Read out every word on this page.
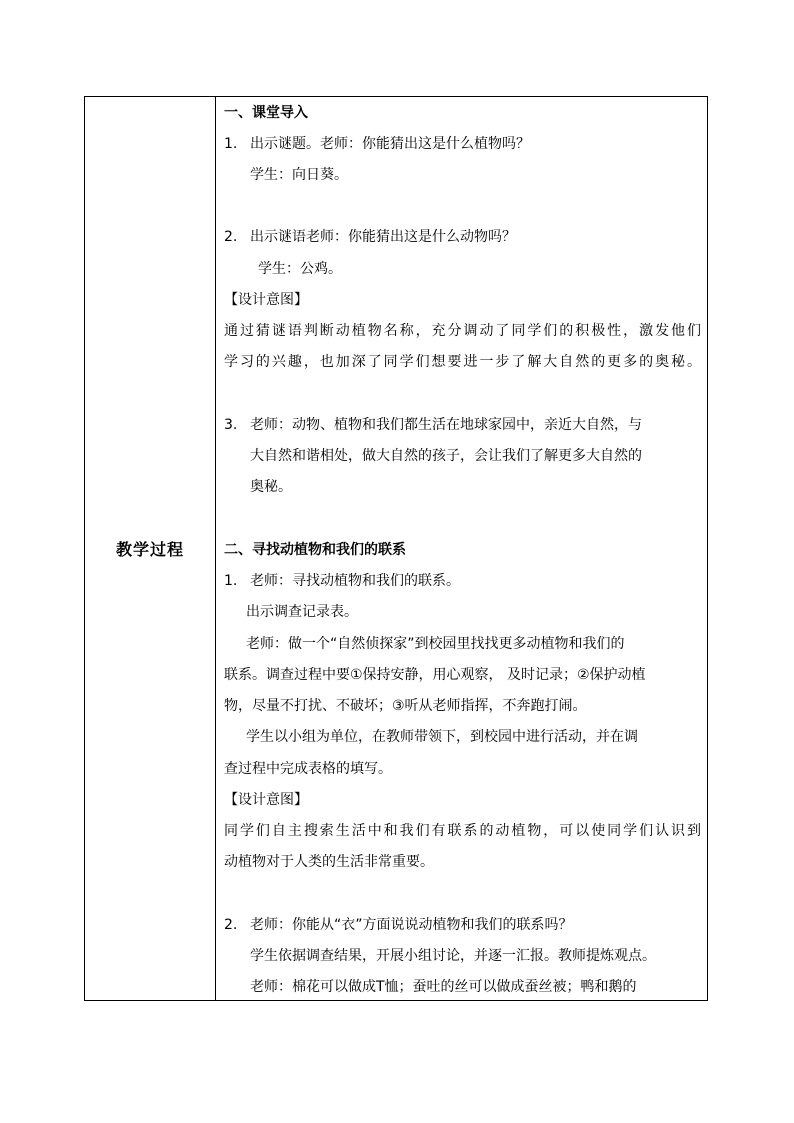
教学过程
一、课堂导入
1. 出示谜题。老师：你能猜出这是什么植物吗？
学生：向日葵。
2. 出示谜语老师：你能猜出这是什么动物吗？
学生：公鸡。
【设计意图】
通过猜谜语判断动植物名称，充分调动了同学们的积极性，激发他们
学习的兴趣，也加深了同学们想要进一步了解大自然的更多的奥秘。
3. 老师：动物、植物和我们都生活在地球家园中，亲近大自然，与
大自然和谐相处，做大自然的孩子，会让我们了解更多大自然的
奥秘。
二、寻找动植物和我们的联系
1. 老师：寻找动植物和我们的联系。
出示调查记录表。
老师：做一个“自然侦探家”到校园里找找更多动植物和我们的
联系。调查过程中要①保持安静，用心观察， 及时记录；②保护动植
物，尽量不打扰、不破坏；③听从老师指挥，不奔跑打闹。
学生以小组为单位，在教师带领下，到校园中进行活动，并在调
查过程中完成表格的填写。
【设计意图】
同学们自主搜索生活中和我们有联系的动植物，可以使同学们认识到
动植物对于人类的生活非常重要。
2. 老师：你能从“衣”方面说说动植物和我们的联系吗？
学生依据调查结果，开展小组讨论，并逐一汇报。教师提炼观点。
老师：棉花可以做成T恤；蚕吐的丝可以做成蚕丝被；鸭和鹅的
